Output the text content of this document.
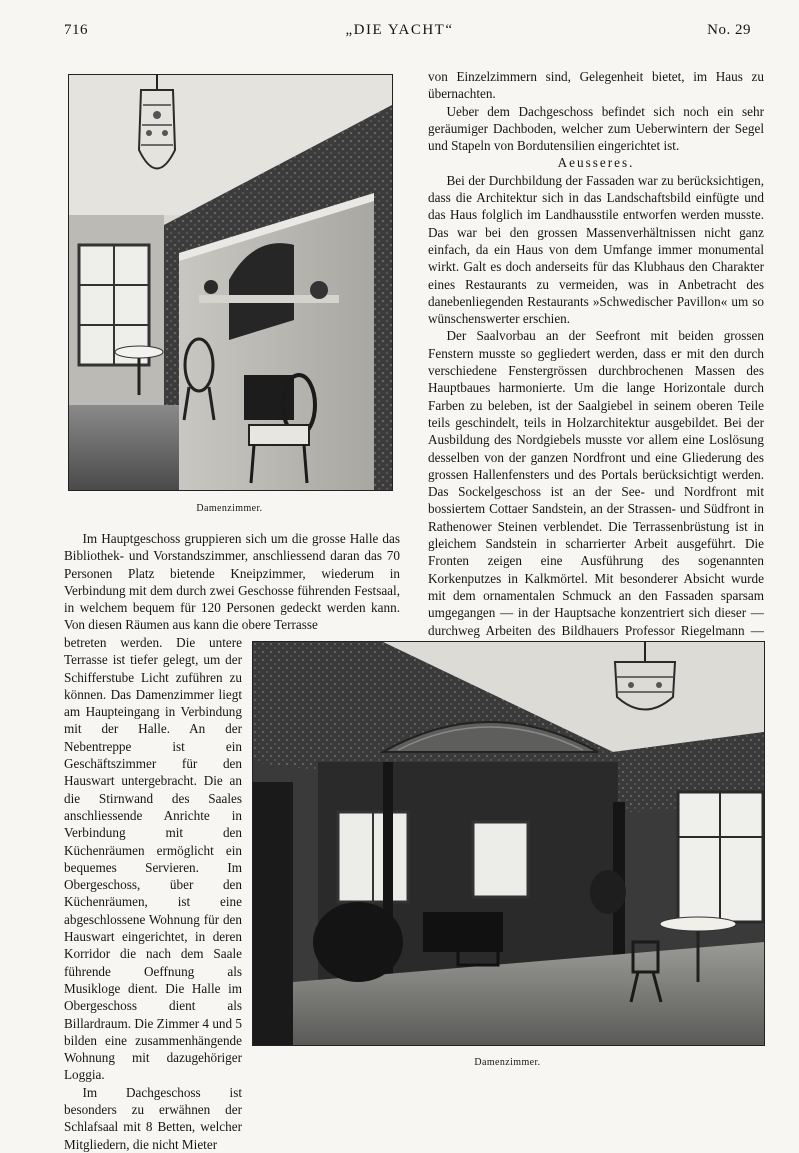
716	„DIE YACHT“	No. 29
Damenzimmer.

von Einzelzimmern sind, Gelegenheit bietet, im Haus zu übernachten.

Ueber dem Dachgeschoss befindet sich noch ein sehr geräumiger Dachboden, welcher zum Ueberwintern der Segel und Stapeln von Bordutensilien eingerichtet ist.

Aeusseres.

Bei der Durchbildung der Fassaden war zu berücksichtigen, dass die Architektur sich in das Landschaftsbild einfügte und das Haus folglich im Landhausstile entworfen werden musste. Das war bei den grossen Massenverhältnissen nicht ganz einfach, da ein Haus von dem Umfange immer monumental wirkt. Galt es doch anderseits für das Klubhaus den Charakter eines Restaurants zu vermeiden, was in Anbetracht des danebenliegenden Restaurants »Schwedischer Pavillon« um so wünschenswerter erschien.

Der Saalvorbau an der Seefront mit beiden grossen Fenstern musste so gegliedert werden, dass er mit den durch verschiedene Fenstergrössen durchbrochenen Massen des Hauptbaues harmonierte. Um die lange Horizontale durch Farben zu beleben, ist der Saalgiebel in seinem oberen Teile teils geschindelt, teils in Holzarchitektur ausgebildet. Bei der Ausbildung des Nordgiebels musste vor allem eine Loslösung desselben von der ganzen Nordfront und eine Gliederung des grossen Hallenfensters und des Portals berücksichtigt werden. Das Sockelgeschoss ist an der See- und Nordfront mit bossiertem Cottaer Sandstein, an der Strassen- und Südfront in Rathenower Steinen verblendet. Die Terrassenbrüstung ist in gleichem Sandstein in scharrierter Arbeit ausgeführt. Die Fronten zeigen eine Ausführung des sogenannten Korkenputzes in Kalkmörtel. Mit besonderer Absicht wurde mit dem ornamentalen Schmuck an den Fassaden sparsam umgegangen — in der Hauptsache konzentriert sich dieser — durchweg Arbeiten des Bildhauers Professor Riegelmann —

Im Hauptgeschoss gruppieren sich um die grosse Halle das Bibliothek- und Vorstandszimmer, anschliessend daran das 70 Personen Platz bietende Kneipzimmer, wiederum in Verbindung mit dem durch zwei Geschosse führenden Festsaal, in welchem bequem für 120 Personen gedeckt werden kann. Von diesen Räumen aus kann die obere Terrasse

betreten werden. Die untere Terrasse ist tiefer gelegt, um der Schifferstube Licht zuführen zu können. Das Damenzimmer liegt am Haupteingang in Verbindung mit der Halle. An der Nebentreppe ist ein Geschäftszimmer für den Hauswart untergebracht. Die an die Stirnwand des Saales anschliessende Anrichte in Verbindung mit den Küchenräumen ermöglicht ein bequemes Servieren. Im Obergeschoss, über den Küchenräumen, ist eine abgeschlossene Wohnung für den Hauswart eingerichtet, in deren Korridor die nach dem Saale führende Oeffnung als Musikloge dient. Die Halle im Obergeschoss dient als Billardraum. Die Zimmer 4 und 5 bilden eine zusammenhängende Wohnung mit dazugehöriger Loggia.

Im Dachgeschoss ist besonders zu erwähnen der Schlafsaal mit 8 Betten, welcher Mitgliedern, die nicht Mieter

Damenzimmer.
